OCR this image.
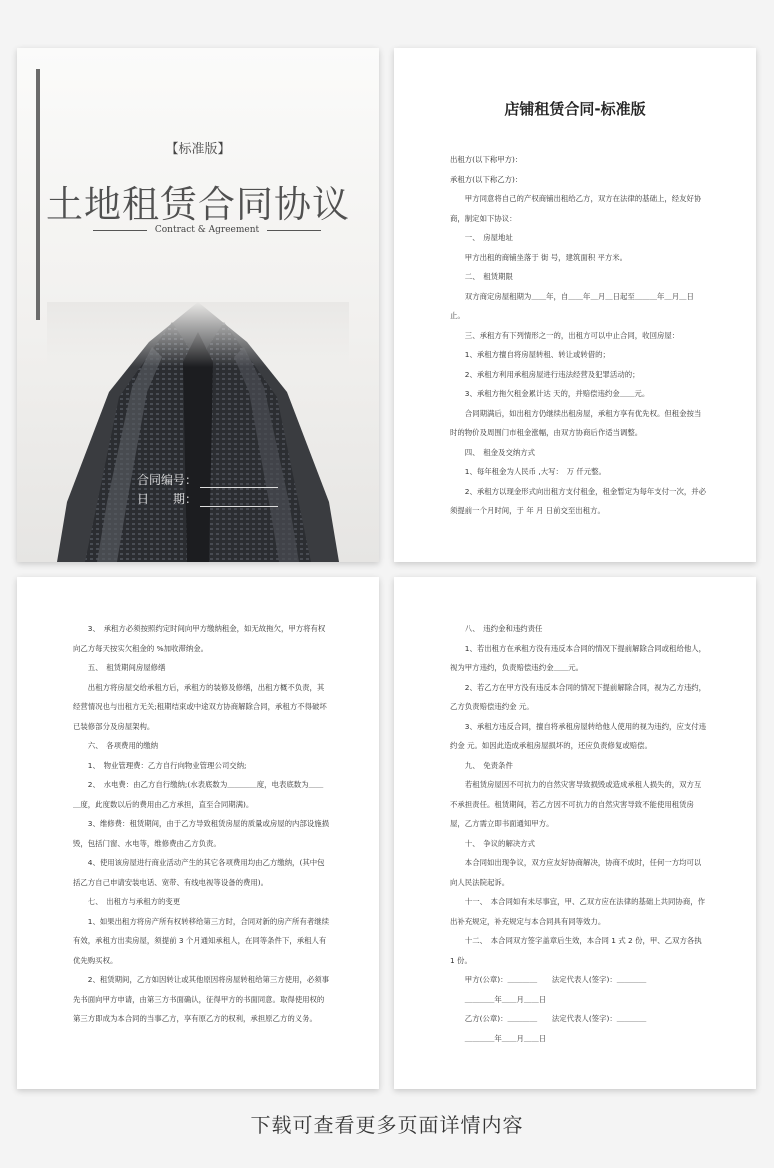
【标准版】
土地租赁合同协议
Contract & Agreement
合同编号：
日　　期：
店铺租赁合同-标准版

出租方(以下称甲方)：

承租方(以下称乙方)：

甲方同意将自己的产权商铺出租给乙方，双方在法律的基础上，经友好协商，制定如下协议：

一、　房屋地址

甲方出租的商铺坐落于 街 号，建筑面积 平方米。

二、　租赁期限

双方商定房屋租期为＿＿年，自＿＿年＿月＿日起至＿＿＿年＿月＿日止。

三、承租方有下列情形之一的，出租方可以中止合同，收回房屋：

1、承租方擅自将房屋转租、转让或转借的；

2、承租方利用承租房屋进行违法经营及犯罪活动的；

3、承租方拖欠租金累计达 天的，并赔偿违约金＿＿元。

合同期满后，如出租方仍继续出租房屋，承租方享有优先权。但租金按当时的物价及周围门市租金涨幅，由双方协商后作适当调整。

四、　租金及交纳方式

1、每年租金为人民币 ,大写：　万 仟元整。

2、承租方以现金形式向出租方支付租金，租金暂定为每年支付一次，并必须提前一个月时间，于 年 月 日前交至出租方。

3、　承租方必须按照约定时间向甲方缴纳租金，如无故拖欠，甲方将有权向乙方每天按实欠租金的 %加收滞纳金。

五、　租赁期间房屋修缮

出租方将房屋交给承租方后，承租方的装修及修缮，出租方概不负责，其经营情况也与出租方无关;租期结束或中途双方协商解除合同，承租方不得破坏已装修部分及房屋架构。

六、　各项费用的缴纳

1、　物业管理费：乙方自行向物业管理公司交纳;

2、　水电费：由乙方自行缴纳;(水表底数为＿＿＿＿度，电表底数为＿＿＿度，此度数以后的费用由乙方承担，直至合同期满)。

3、维修费：租赁期间，由于乙方导致租赁房屋的质量或房屋的内部设施损毁，包括门窗、水电等，维修费由乙方负责。

4、使用该房屋进行商业活动产生的其它各项费用均由乙方缴纳，(其中包括乙方自己申请安装电话、宽带、有线电视等设备的费用)。

七、　出租方与承租方的变更

1、如果出租方将房产所有权转移给第三方时，合同对新的房产所有者继续有效，承租方出卖房屋，须提前 3 个月通知承租人，在同等条件下，承租人有优先购买权。

2、租赁期间，乙方如因转让或其他原因将房屋转租给第三方使用，必须事先书面向甲方申请，由第三方书面确认，征得甲方的书面同意。取得使用权的第三方即成为本合同的当事乙方，享有原乙方的权利，承担原乙方的义务。

八、　违约金和违约责任

1、若出租方在承租方没有违反本合同的情况下提前解除合同或租给他人，视为甲方违约，负责赔偿违约金＿＿元。

2、若乙方在甲方没有违反本合同的情况下提前解除合同，视为乙方违约，乙方负责赔偿违约金 元。

3、承租方违反合同，擅自将承租房屋转给他人使用的视为违约，应支付违约金 元。如因此造成承租房屋损坏的，还应负责修复或赔偿。

九、　免责条件

若租赁房屋因不可抗力的自然灾害导致损毁或造成承租人损失的，双方互不承担责任。租赁期间，若乙方因不可抗力的自然灾害导致不能使用租赁房屋，乙方需立即书面通知甲方。

十、　争议的解决方式

本合同如出现争议，双方应友好协商解决，协商不成时，任何一方均可以向人民法院起诉。

十一、　本合同如有未尽事宜，甲、乙双方应在法律的基础上共同协商，作出补充规定，补充规定与本合同具有同等效力。

十二、　本合同双方签字盖章后生效，本合同 1 式 2 份，甲、乙双方各执 1 份。

甲方(公章)：＿＿＿＿　　法定代表人(签字)：＿＿＿＿

＿＿＿＿年＿＿月＿＿日

乙方(公章)：＿＿＿＿　　法定代表人(签字)：＿＿＿＿

＿＿＿＿年＿＿月＿＿日

下载可查看更多页面详情内容
